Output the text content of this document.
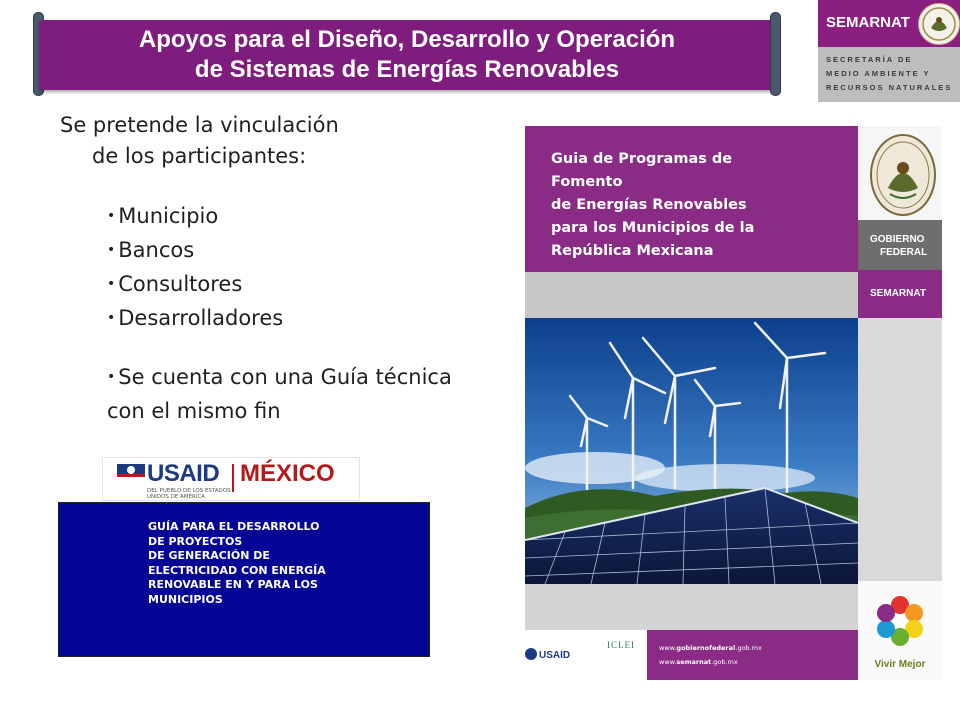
Apoyos para el Diseño, Desarrollo y Operación
de Sistemas de Energías Renovables
SEMARNAT
SECRETARÍA DE
MEDIO AMBIENTE Y
RECURSOS NATURALES
Se pretende la vinculación
de los participantes:
• Municipio
• Bancos
• Consultores
• Desarrolladores
• Se cuenta con una Guía técnica
con el mismo fin
USAID
DEL PUEBLO DE LOS ESTADOS UNIDOS DE AMÉRICA
MÉXICO
GUÍA PARA EL DESARROLLO
DE PROYECTOS
DE GENERACIÓN DE
ELECTRICIDAD CON ENERGÍA
RENOVABLE EN Y PARA LOS
MUNICIPIOS
Guia de Programas de Fomento
de Energías Renovables
para los Municipios de la
República Mexicana
USAID
ICLEI	www.gobiernofederal.gob.mx
www.semarnat.gob.mx
GOBIERNO
FEDERAL
SEMARNAT
Vivir Mejor
